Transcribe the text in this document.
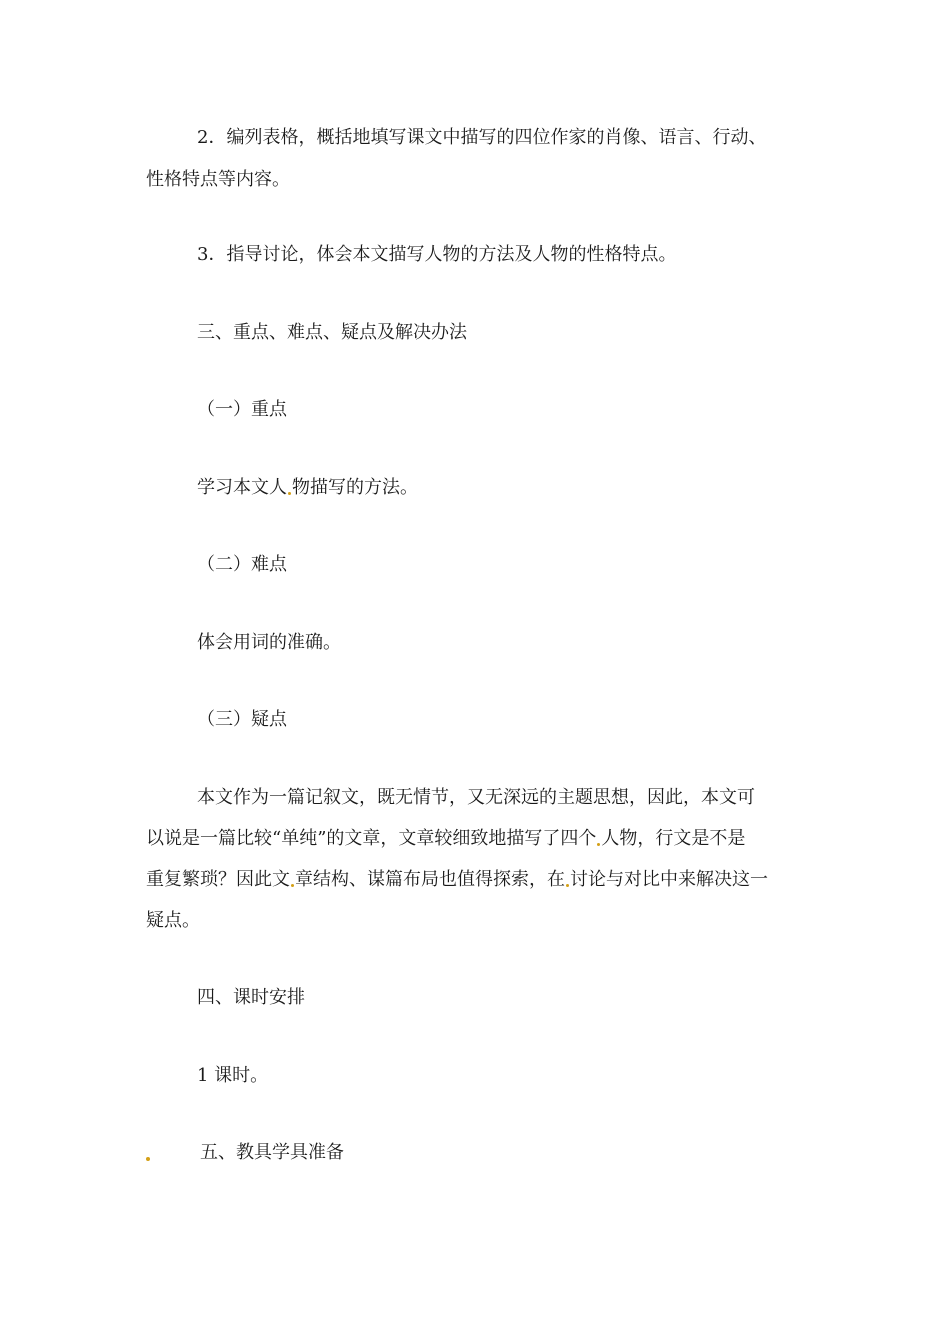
2．编列表格，概括地填写课文中描写的四位作家的肖像、语言、行动、
性格特点等内容。
3．指导讨论，体会本文描写人物的方法及人物的性格特点。
三、重点、难点、疑点及解决办法
（一）重点
学习本文人 物描写的方法。
（二）难点
体会用词的准确。
（三）疑点
本文作为一篇记叙文，既无情节，又无深远的主题思想，因此，本文可
以说是一篇比较“单纯”的文章，文章较细致地描写了四个 人物，行文是不是
重复繁琐？因此文 章结构、谋篇布局也值得探索，在 讨论与对比中来解决这一
疑点。
四、课时安排
1 课时。
五、教具学具准备
